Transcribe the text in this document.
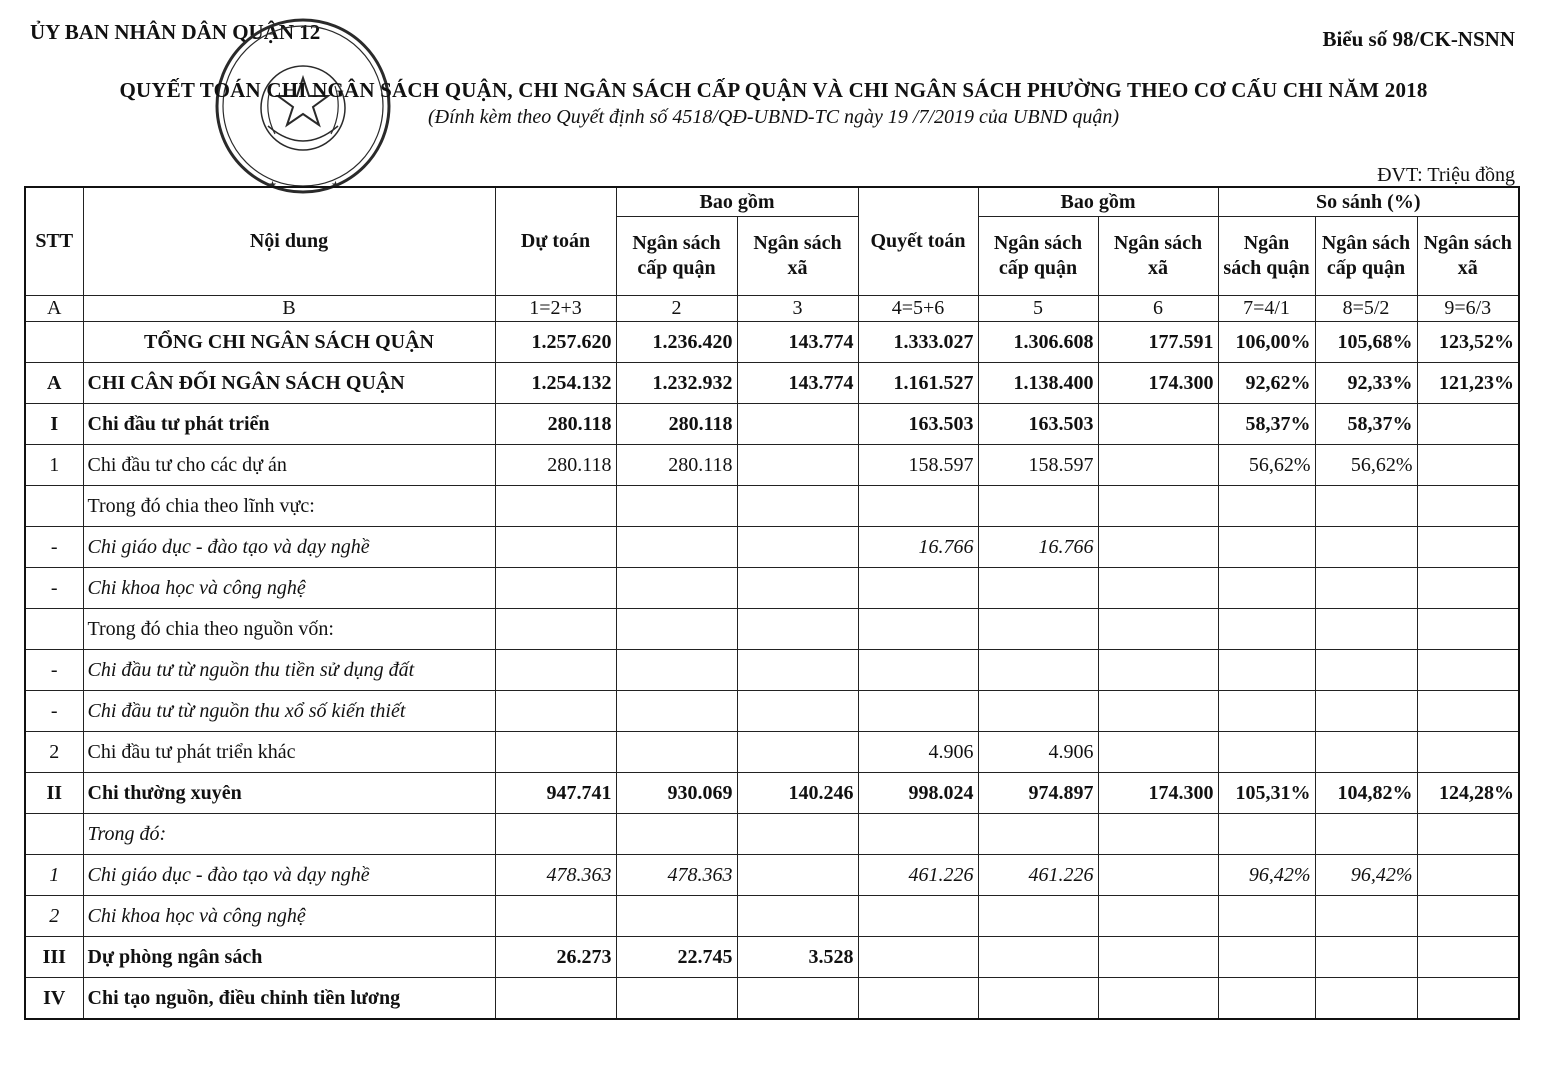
ỦY BAN NHÂN DÂN QUẬN 12	Biểu số 98/CK-NSNN
★	★
QUYẾT TOÁN CHI NGÂN SÁCH QUẬN, CHI NGÂN SÁCH CẤP QUẬN VÀ CHI NGÂN SÁCH PHƯỜNG THEO CƠ CẤU CHI NĂM 2018
(Đính kèm theo Quyết định số 4518/QĐ-UBND-TC ngày 19 /7/2019 của UBND quận)
ĐVT: Triệu đồng
STT	Nội dung	Dự toán	Bao gồm		Quyết toán	Bao gồm		So sánh (%)		
			Ngân sách cấp quận	Ngân sách xã		Ngân sách cấp quận	Ngân sách xã	Ngân sách quận	Ngân sách cấp quận	Ngân sách xã
A	B	1=2+3	2	3	4=5+6	5	6	7=4/1	8=5/2	9=6/3
	TỔNG CHI NGÂN SÁCH QUẬN	1.257.620	1.236.420	143.774	1.333.027	1.306.608	177.591	106,00%	105,68%	123,52%
A	CHI CÂN ĐỐI NGÂN SÁCH QUẬN	1.254.132	1.232.932	143.774	1.161.527	1.138.400	174.300	92,62%	92,33%	121,23%
I	Chi đầu tư phát triển	280.118	280.118		163.503	163.503		58,37%	58,37%	
1	Chi đầu tư cho các dự án	280.118	280.118		158.597	158.597		56,62%	56,62%	
	Trong đó chia theo lĩnh vực:									
-	Chi giáo dục - đào tạo và dạy nghề				16.766	16.766				
-	Chi khoa học và công nghệ									
	Trong đó chia theo nguồn vốn:									
-	Chi đầu tư từ nguồn thu tiền sử dụng đất									
-	Chi đầu tư từ nguồn thu xổ số kiến thiết									
2	Chi đầu tư phát triển khác				4.906	4.906				
II	Chi thường xuyên	947.741	930.069	140.246	998.024	974.897	174.300	105,31%	104,82%	124,28%
	Trong đó:									
1	Chi giáo dục - đào tạo và dạy nghề	478.363	478.363		461.226	461.226		96,42%	96,42%	
2	Chi khoa học và công nghệ									
III	Dự phòng ngân sách	26.273	22.745	3.528						
IV	Chi tạo nguồn, điều chỉnh tiền lương									
